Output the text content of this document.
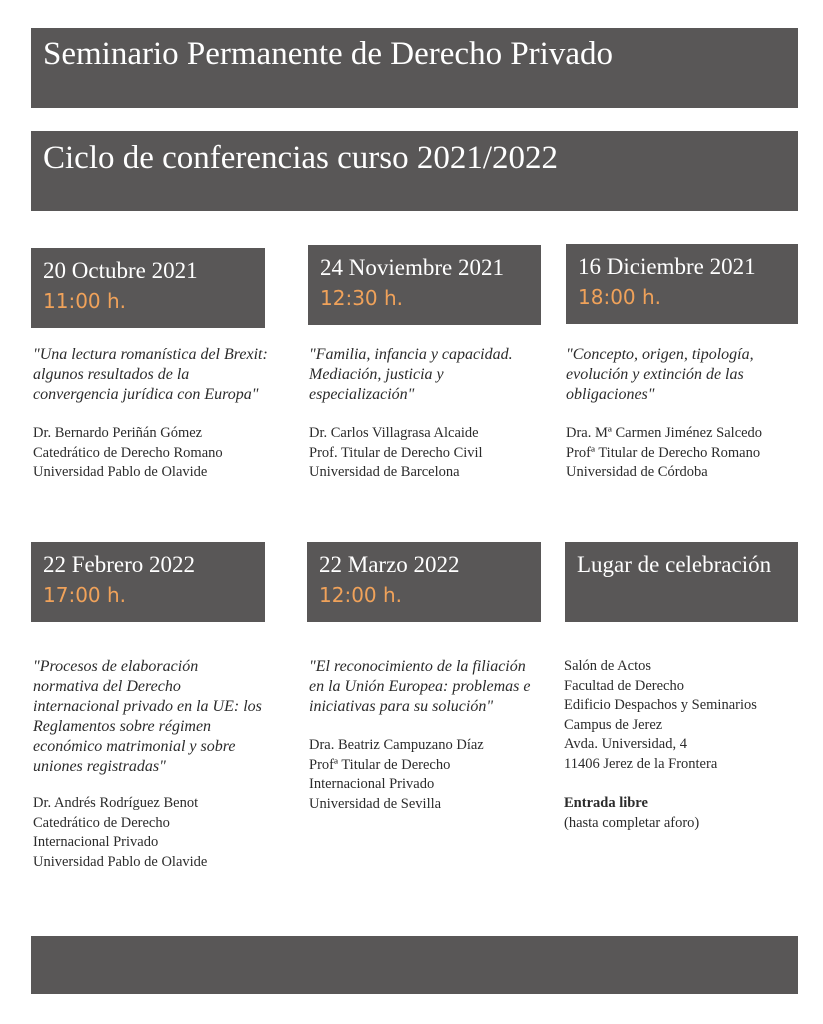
Seminario Permanente de Derecho Privado
Ciclo de conferencias curso 2021/2022
20 Octubre 2021
11:00 h.

"Una lectura romanística del Brexit: algunos resultados de la convergencia jurídica con Europa"

Dr. Bernardo Periñán Gómez
Catedrático de Derecho Romano
Universidad Pablo de Olavide
24 Noviembre 2021
12:30 h.

"Familia, infancia y capacidad. Mediación, justicia y especialización"

Dr. Carlos Villagrasa Alcaide
Prof. Titular de Derecho Civil
Universidad de Barcelona
16 Diciembre 2021
18:00 h.

"Concepto, origen, tipología, evolución y extinción de las obligaciones"

Dra. Mª Carmen Jiménez Salcedo
Profª Titular de Derecho Romano
Universidad de Córdoba
22 Febrero 2022
17:00 h.

"Procesos de elaboración normativa del Derecho internacional privado en la UE: los Reglamentos sobre régimen económico matrimonial y sobre uniones registradas"

Dr. Andrés Rodríguez Benot
Catedrático de Derecho
Internacional Privado
Universidad Pablo de Olavide
22 Marzo 2022
12:00 h.

"El reconocimiento de la filiación en la Unión Europea: problemas e iniciativas para su solución"

Dra. Beatriz Campuzano Díaz
Profª Titular de Derecho
Internacional Privado
Universidad de Sevilla
Lugar de celebración
Salón de Actos
Facultad de Derecho
Edificio Despachos y Seminarios
Campus de Jerez
Avda. Universidad, 4
11406 Jerez de la Frontera
Entrada libre
(hasta completar aforo)
